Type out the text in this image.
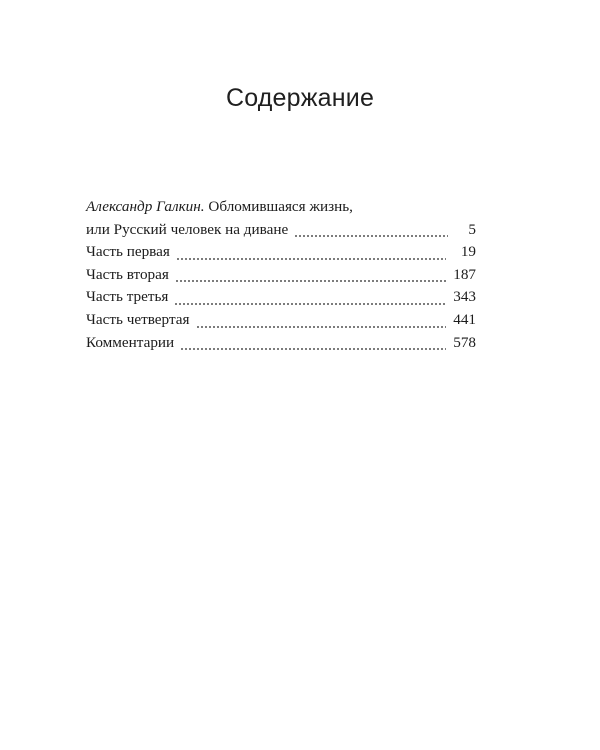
Содержание
Александр Галкин. Обломившаяся жизнь,
или Русский человек на диване	5
Часть первая	19
Часть вторая	187
Часть третья	343
Часть четвертая	441
Комментарии	578
